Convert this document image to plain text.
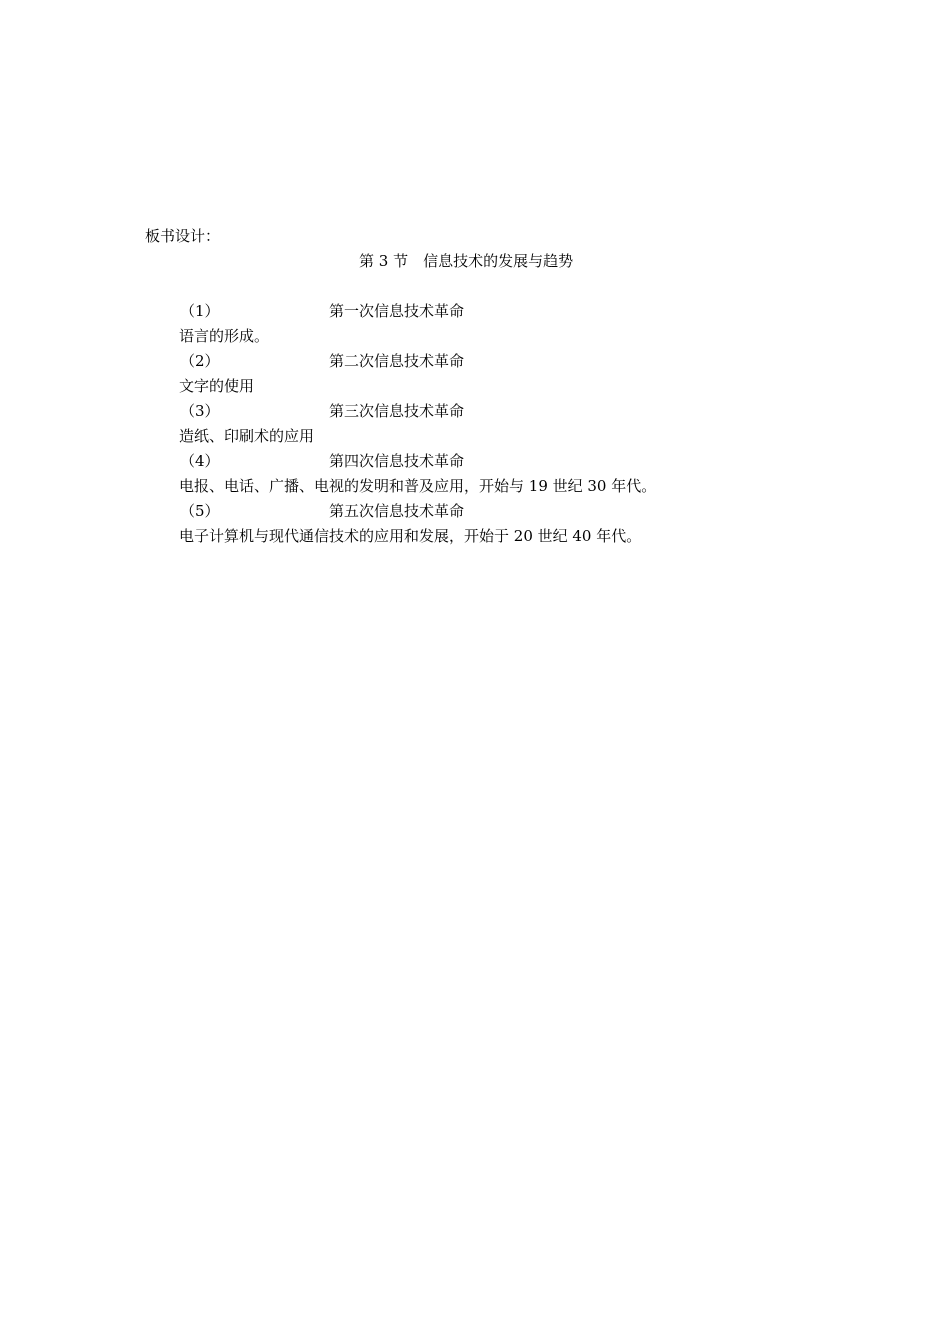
板书设计：
第 3 节　信息技术的发展与趋势
（1）	第一次信息技术革命
语言的形成。
（2）	第二次信息技术革命
文字的使用
（3）	第三次信息技术革命
造纸、印刷术的应用
（4）	第四次信息技术革命
电报、电话、广播、电视的发明和普及应用，开始与 19 世纪 30 年代。
（5）	第五次信息技术革命
电子计算机与现代通信技术的应用和发展，开始于 20 世纪 40 年代。
